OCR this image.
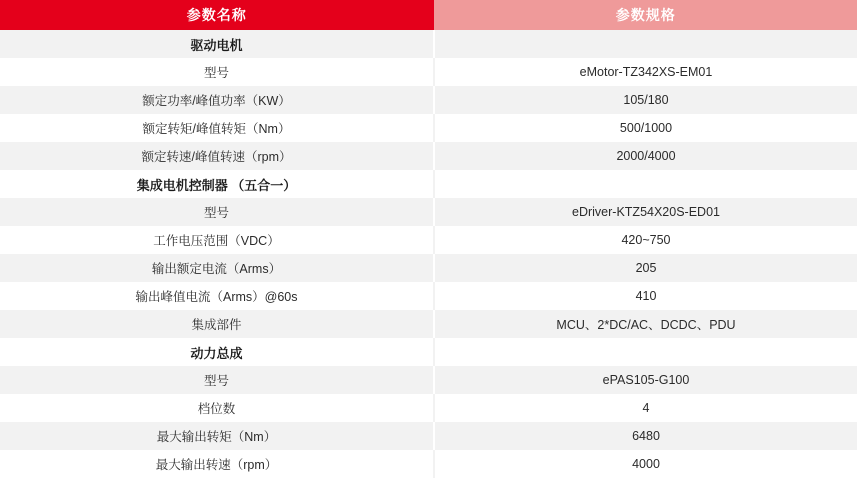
参数名称	参数规格
驱动电机	
型号	eMotor-TZ342XS-EM01
额定功率/峰值功率（KW）	105/180
额定转矩/峰值转矩（Nm）	500/1000
额定转速/峰值转速（rpm）	2000/4000
集成电机控制器 （五合一）	
型号	eDriver-KTZ54X20S-ED01
工作电压范围（VDC）	420~750
输出额定电流（Arms）	205
输出峰值电流（Arms）@60s	410
集成部件	MCU、2*DC/AC、DCDC、PDU
动力总成	
型号	ePAS105-G100
档位数	4
最大输出转矩（Nm）	6480
最大输出转速（rpm）	4000
